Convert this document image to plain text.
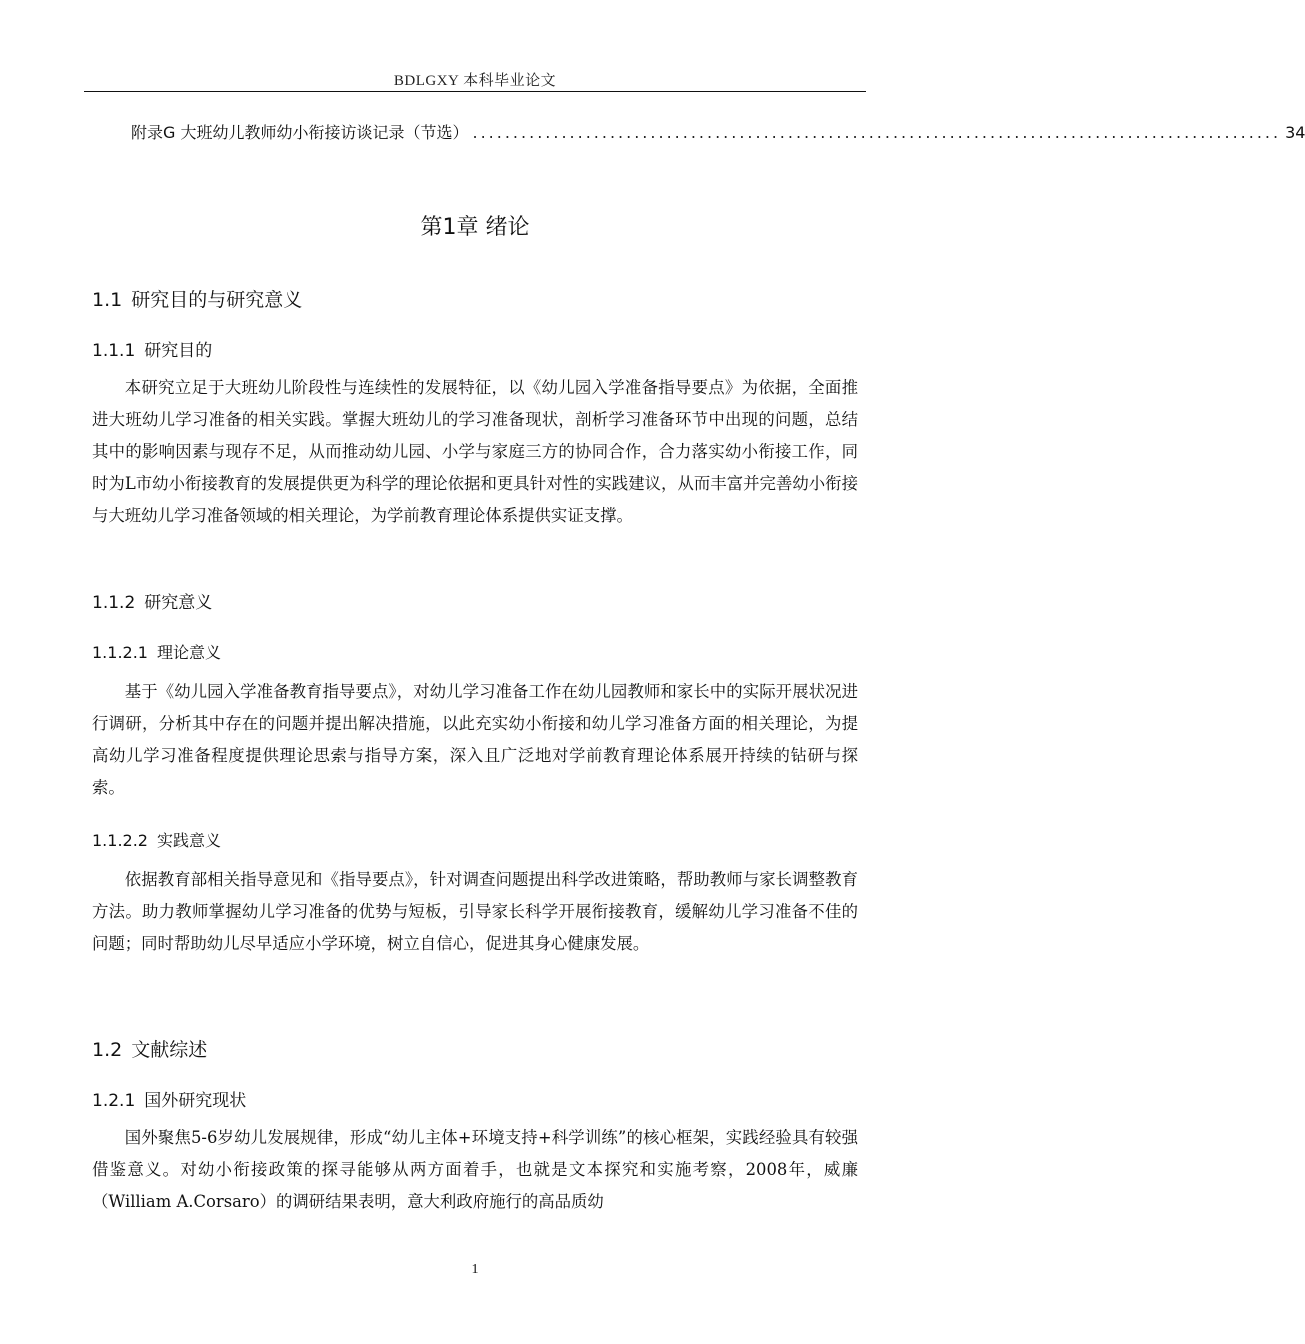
BDLGXY 本科毕业论文
附录G 大班幼儿教师幼小衔接访谈记录（节选） .................................................................................................... 34
第1章 绪论
1.1 研究目的与研究意义
1.1.1 研究目的
本研究立足于大班幼儿阶段性与连续性的发展特征，以《幼儿园入学准备指导要点》为依据，全面推进大班幼儿学习准备的相关实践。掌握大班幼儿的学习准备现状，剖析学习准备环节中出现的问题，总结其中的影响因素与现存不足，从而推动幼儿园、小学与家庭三方的协同合作，合力落实幼小衔接工作，同时为L市幼小衔接教育的发展提供更为科学的理论依据和更具针对性的实践建议，从而丰富并完善幼小衔接与大班幼儿学习准备领域的相关理论，为学前教育理论体系提供实证支撑。
1.1.2 研究意义
1.1.2.1 理论意义
基于《幼儿园入学准备教育指导要点》，对幼儿学习准备工作在幼儿园教师和家长中的实际开展状况进行调研，分析其中存在的问题并提出解决措施，以此充实幼小衔接和幼儿学习准备方面的相关理论，为提高幼儿学习准备程度提供理论思索与指导方案，深入且广泛地对学前教育理论体系展开持续的钻研与探索。
1.1.2.2 实践意义
依据教育部相关指导意见和《指导要点》，针对调查问题提出科学改进策略，帮助教师与家长调整教育方法。助力教师掌握幼儿学习准备的优势与短板，引导家长科学开展衔接教育，缓解幼儿学习准备不佳的问题；同时帮助幼儿尽早适应小学环境，树立自信心，促进其身心健康发展。
1.2 文献综述
1.2.1 国外研究现状
国外聚焦5-6岁幼儿发展规律，形成“幼儿主体+环境支持+科学训练”的核心框架，实践经验具有较强借鉴意义。对幼小衔接政策的探寻能够从两方面着手，也就是文本探究和实施考察，2008年，威廉（William A.Corsaro）的调研结果表明，意大利政府施行的高品质幼
1
